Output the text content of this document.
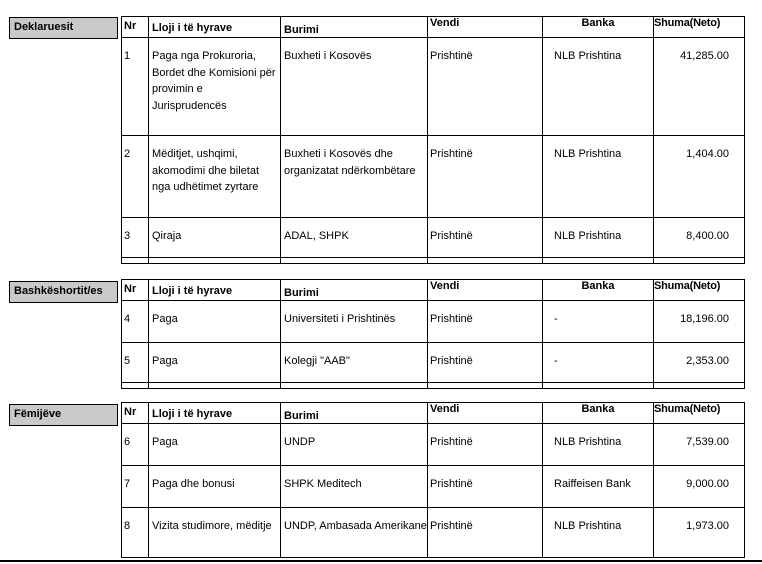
Deklaruesit	Nr	Lloji i të hyrave	Burimi	Vendi	Banka	Shuma(Neto)

1	Paga nga Prokuroria, Bordet dhe Komisioni për provimin e Jurisprudencës	Buxheti i Kosovës	Prishtinë	NLB Prishtina	41,285.00
2	Mëditjet, ushqimi, akomodimi dhe biletat nga udhëtimet zyrtare	Buxheti i Kosovës dhe organizatat ndërkombëtare	Prishtinë	NLB Prishtina	1,404.00
3	Qiraja	ADAL, SHPK	Prishtinë	NLB Prishtina	8,400.00

Bashkëshortit/es	Nr	Lloji i të hyrave	Burimi	Vendi	Banka	Shuma(Neto)

4	Paga	Universiteti i Prishtinës	Prishtinë	-	18,196.00
5	Paga	Kolegji "AAB"	Prishtinë	-	2,353.00

Fëmijëve	Nr	Lloji i të hyrave	Burimi	Vendi	Banka	Shuma(Neto)

6	Paga	UNDP	Prishtinë	NLB Prishtina	7,539.00
7	Paga dhe bonusi	SHPK Meditech	Prishtinë	Raiffeisen Bank	9,000.00
8	Vizita studimore, mëditje	UNDP, Ambasada Amerikane	Prishtinë	NLB Prishtina	1,973.00
